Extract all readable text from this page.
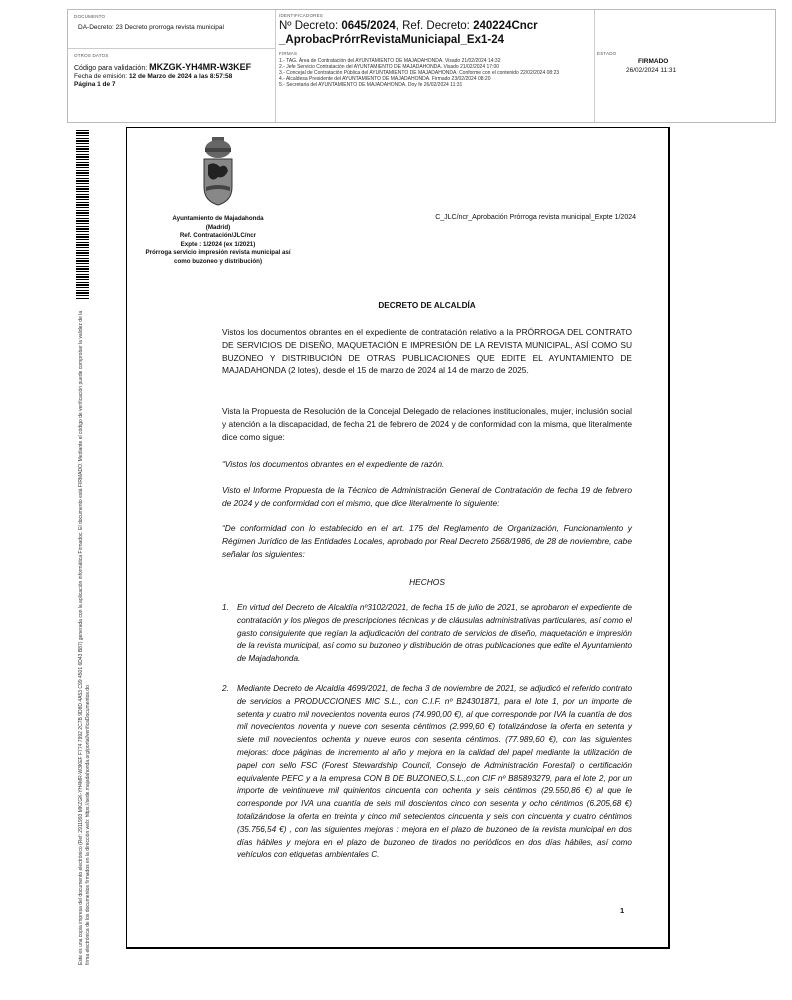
DOCUMENTO
DA-Decreto: 23 Decreto prorroga revista municipal
OTROS DATOS
Código para validación: MKZGK-YH4MR-W3KEF
Fecha de emisión: 12 de Marzo de 2024 a las 8:57:58
Página 1 de 7
IDENTIFICADORES
Nº Decreto: 0645/2024, Ref. Decreto: 240224Cncr _AprobacPrórrRevistaMuniciapal_Ex1-24
FIRMAS
1.- TAG. Área de Contratación del AYUNTAMIENTO DE MAJADAHONDA. Visado 21/02/2024 14:32
2.- Jefe Servicio Contratación del AYUNTAMIENTO DE MAJADAHONDA. Visado 21/02/2024 17:00
3.- Concejal de Contratación Pública del AYUNTAMIENTO DE MAJADAHONDA. Conforme con el contenido 22/02/2024 08:23
4.- Alcaldesa Presidente del AYUNTAMIENTO DE MAJADAHONDA. Firmado 23/02/2024 08:20
5.- Secretaria del AYUNTAMIENTO DE MAJADAHONDA. Doy fe 26/02/2024 11:31
ESTADO
FIRMADO
26/02/2024 11:31
Este es una copia impresa del documento electrónico (Ref: 2911993 MKZGK-YH4MR-W3KEF F774 7992 2C7B 9D8D 4A53 C99 4501 6D43 B87) generada con la aplicación informática Firmadoc. El documento está FIRMADO. Mediante el código de verificación puede comprobar la validez de la firma electrónica de los documentos firmados en la dirección web: https://sede.majadahonda.org/portal/verificaDocumentos.do
Ayuntamiento de Majadahonda
(Madrid)
Ref. Contratación/JLC/ncr
Expte : 1/2024 (ex 1/2021)
Prórroga servicio impresión revista municipal así como buzoneo y distribución)
C_JLC/ncr_Aprobación Prórroga revista municipal_Expte 1/2024
DECRETO DE ALCALDÍA
Vistos los documentos obrantes en el expediente de contratación relativo a la PRÓRROGA DEL CONTRATO DE SERVICIOS DE DISEÑO, MAQUETACIÓN E IMPRESIÓN DE LA REVISTA MUNICIPAL, ASÍ COMO SU BUZONEO Y DISTRIBUCIÓN DE OTRAS PUBLICACIONES QUE EDITE EL AYUNTAMIENTO DE MAJADAHONDA (2 lotes), desde el 15 de marzo de 2024 al 14 de marzo de 2025.
Vista la Propuesta de Resolución de la Concejal Delegado de relaciones institucionales, mujer, inclusión social y atención a la discapacidad, de fecha 21 de febrero de 2024 y de conformidad con la misma, que literalmente dice como sigue:
“Vistos los documentos obrantes en el expediente de razón.
Visto el Informe Propuesta de la Técnico de Administración General de Contratación de fecha 19 de febrero de 2024 y de conformidad con el mismo, que dice literalmente lo siguiente:
“De conformidad con lo establecido en el art. 175 del Reglamento de Organización, Funcionamiento y Régimen Jurídico de las Entidades Locales, aprobado por Real Decreto 2568/1986, de 28 de noviembre, cabe señalar los siguientes:
HECHOS
1. En virtud del Decreto de Alcaldía nº3102/2021, de fecha 15 de julio de 2021, se aprobaron el expediente de contratación y los pliegos de prescripciones técnicas y de cláusulas administrativas particulares, así como el gasto consiguiente que regían la adjudicación del contrato de servicios de diseño, maquetación e impresión de la revista municipal, así como su buzoneo y distribución de otras publicaciones que edite el Ayuntamiento de Majadahonda.
2. Mediante Decreto de Alcaldía 4699/2021, de fecha 3 de noviembre de 2021, se adjudicó el referido contrato de servicios a PRODUCCIONES MIC S.L., con C.I.F. nº B24301871, para el lote 1, por un importe de setenta y cuatro mil novecientos noventa euros (74.990,00 €), al que corresponde por IVA la cuantía de dos mil novecientos noventa y nueve con sesenta céntimos (2.999,60 €) totalizándose la oferta en setenta y siete mil novecientos ochenta y nueve euros con sesenta céntimos. (77.989,60 €), con las siguientes mejoras: doce páginas de incremento al año y mejora en la calidad del papel mediante la utilización de papel con sello FSC (Forest Stewardship Council, Consejo de Administración Forestal) o certificación equivalente PEFC y a la empresa CON B DE BUZONEO,S.L.,con CIF nº B85893279, para el lote 2, por un importe de veintinueve mil quinientos cincuenta con ochenta y seis céntimos (29.550,86 €) al que le corresponde por IVA una cuantía de seis mil doscientos cinco con sesenta y ocho céntimos (6.205,68 €) totalizándose la oferta en treinta y cinco mil setecientos cincuenta y seis con cincuenta y cuatro céntimos (35.756,54 €) , con las siguientes mejoras : mejora en el plazo de buzoneo de la revista municipal en dos días hábiles y mejora en el plazo de buzoneo de tirados no periódicos en dos días hábiles, así como vehículos con etiquetas ambientales C.
1
